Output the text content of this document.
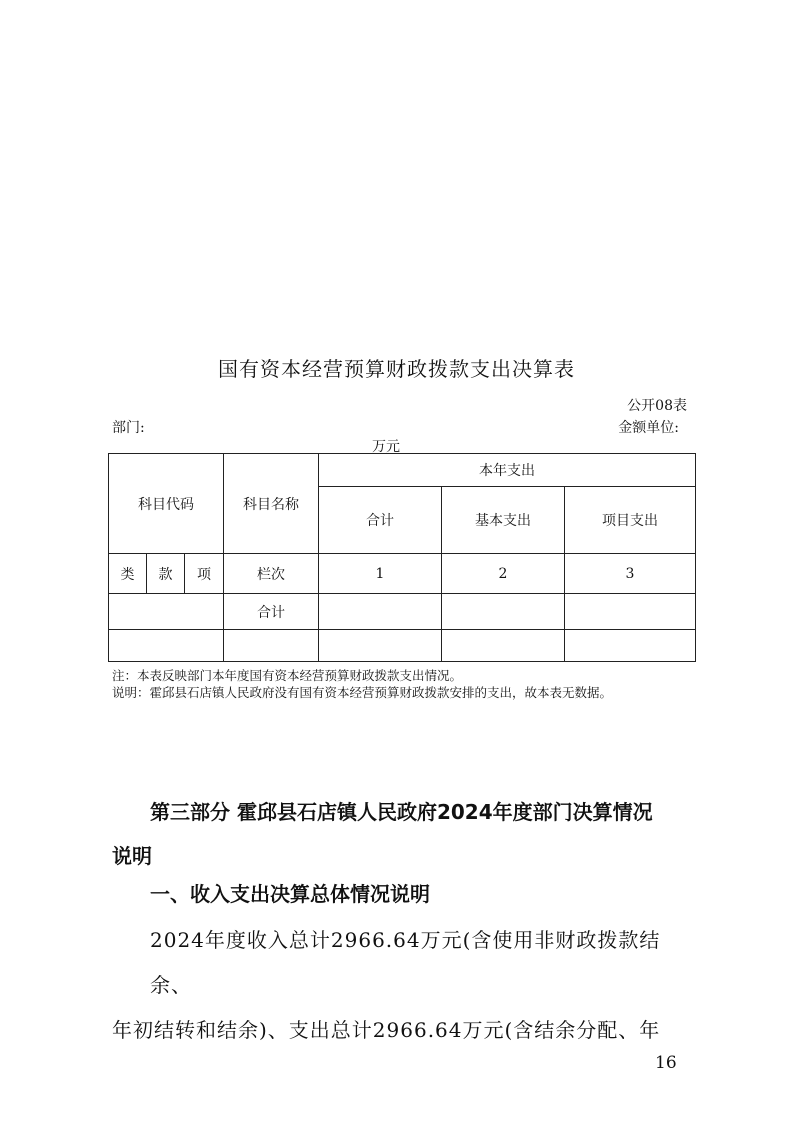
国有资本经营预算财政拨款支出决算表
公开08表
部门:	金额单位:
万元
科目代码			科目名称	本年支出		
				合计	基本支出	项目支出
类	款	项	栏次	1	2	3
			合计			

注：本表反映部门本年度国有资本经营预算财政拨款支出情况。
说明：霍邱县石店镇人民政府没有国有资本经营预算财政拨款安排的支出，故本表无数据。
第三部分 霍邱县石店镇人民政府2024年度部门决算情况
说明
一、收入支出决算总体情况说明
2024年度收入总计2966.64万元(含使用非财政拨款结余、
年初结转和结余)、支出总计2966.64万元(含结余分配、年
16
